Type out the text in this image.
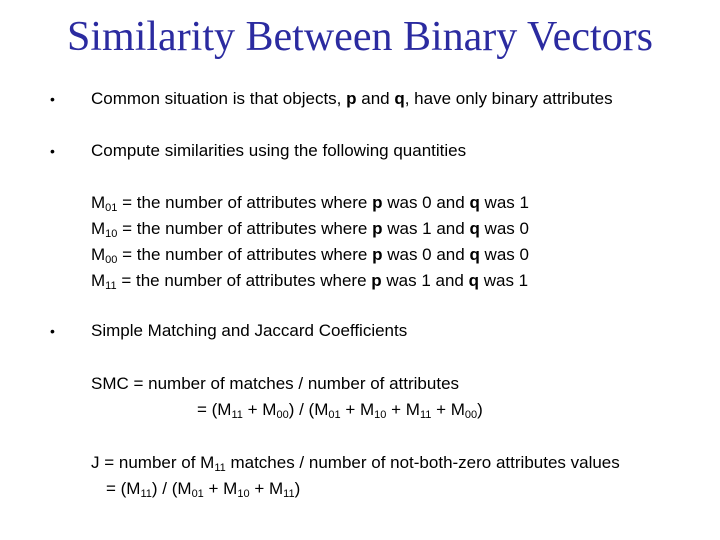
Similarity Between Binary Vectors
• Common situation is that objects, p and q, have only binary attributes
• Compute similarities using the following quantities
$M_{01}$ = the number of attributes where p was 0 and q was 1
$M_{10}$ = the number of attributes where p was 1 and q was 0
$M_{00}$ = the number of attributes where p was 0 and q was 0
$M_{11}$ = the number of attributes where p was 1 and q was 1
• Simple Matching and Jaccard Coefficients
SMC = number of matches / number of attributes
= $(M_{11} + M_{00}) / (M_{01} + M_{10} + M_{11} + M_{00})$
J = number of $M_{11}$ matches / number of not-both-zero attributes values
= $(M_{11}) / (M_{01} + M_{10} + M_{11})$
